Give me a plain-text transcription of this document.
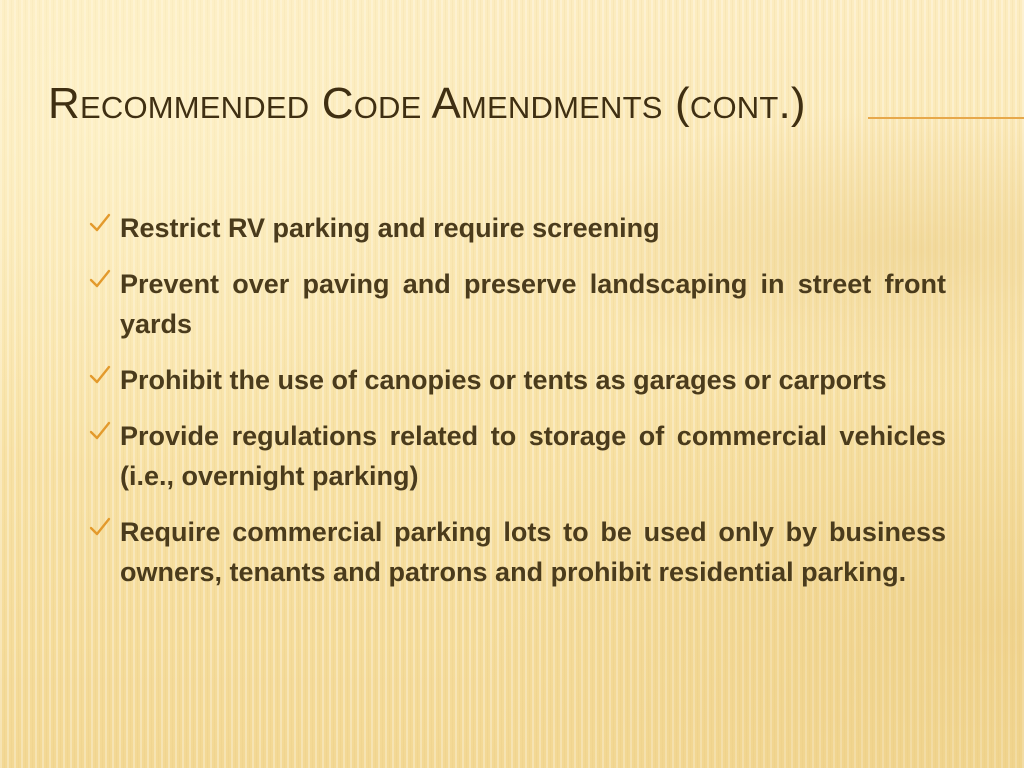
Recommended Code Amendments (cont.)
Restrict RV parking and require screening
Prevent over paving and preserve landscaping in street front yards
Prohibit the use of canopies or tents as garages or carports
Provide regulations related to storage of commercial vehicles (i.e., overnight parking)
Require commercial parking lots to be used only by business owners, tenants and patrons and prohibit residential parking.
